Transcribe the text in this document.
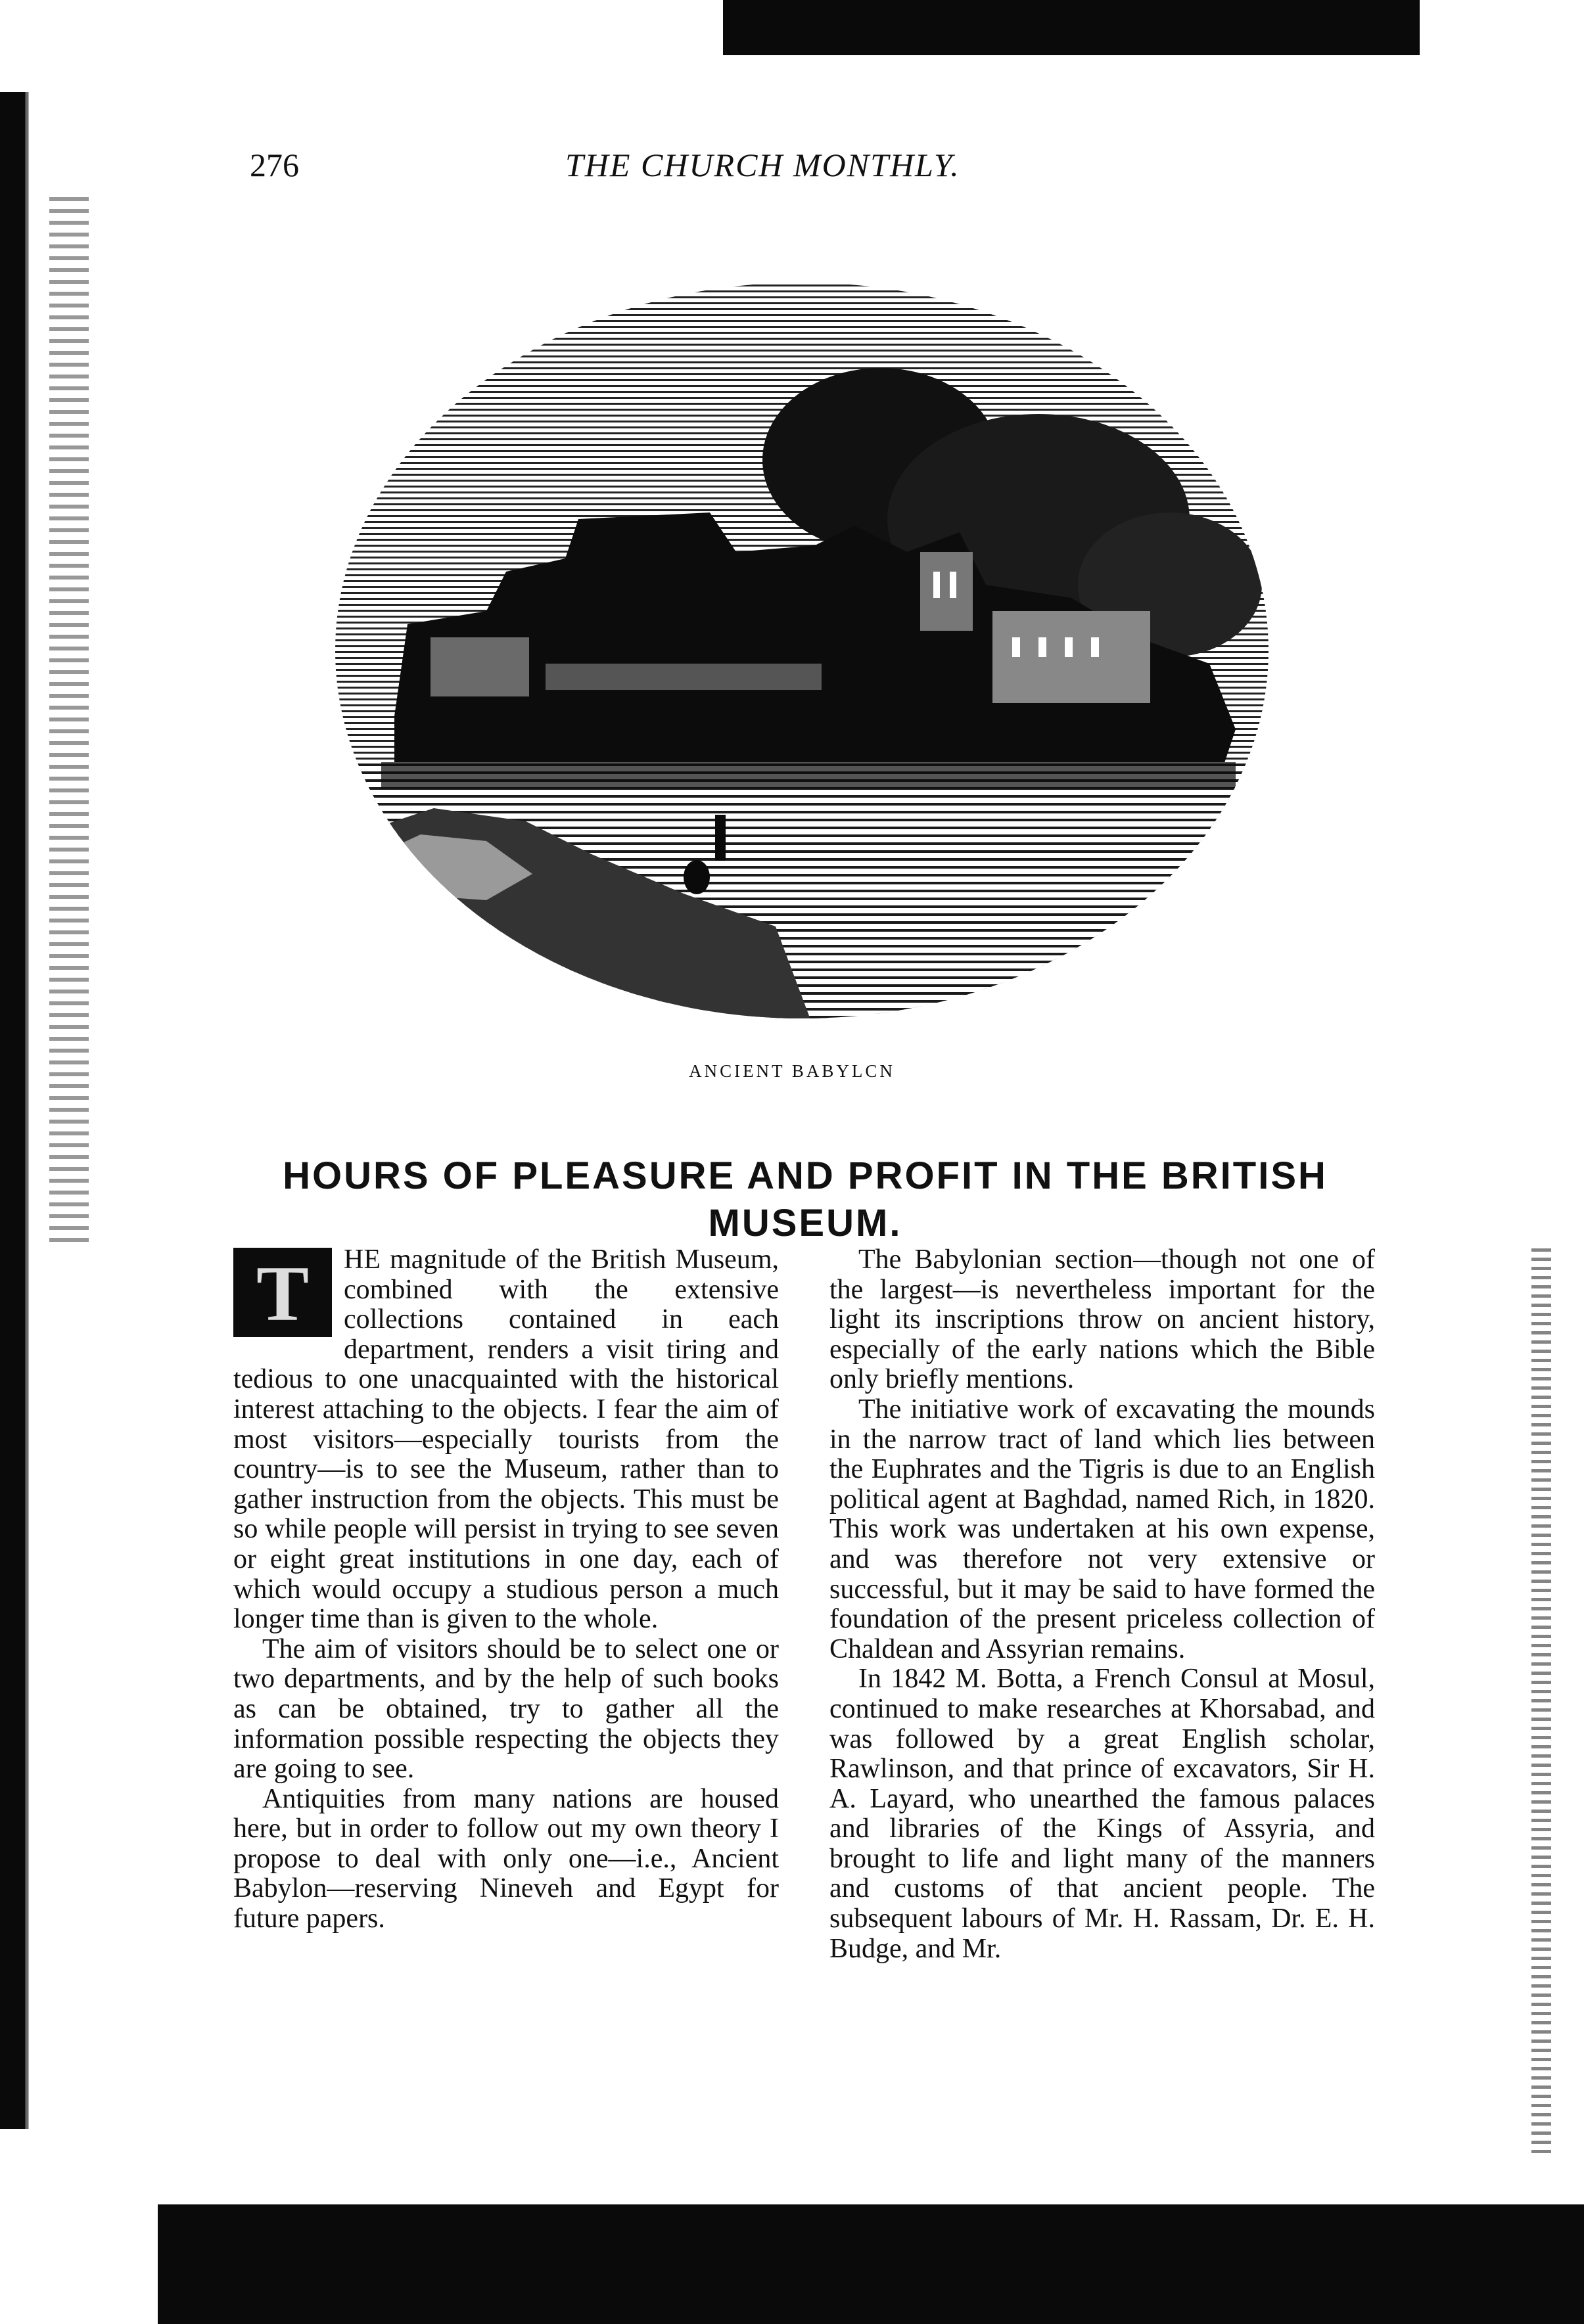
276	THE CHURCH MONTHLY.
ANCIENT BABYLCN
HOURS OF PLEASURE AND PROFIT IN THE BRITISH MUSEUM.
T	HE magnitude of the British Museum, combined with the extensive collections contained in each department, renders a visit tiring and tedious to one unacquainted with the historical interest attaching to the objects. I fear the aim of most visitors—especially tourists from the country—is to see the Museum, rather than to gather instruction from the objects. This must be so while people will persist in trying to see seven or eight great institutions in one day, each of which would occupy a studious person a much longer time than is given to the whole.

The aim of visitors should be to select one or two departments, and by the help of such books as can be obtained, try to gather all the information possible respecting the objects they are going to see.

Antiquities from many nations are housed here, but in order to follow out my own theory I propose to deal with only one—i.e., Ancient Babylon—reserving Nineveh and Egypt for future papers.

The Babylonian section—though not one of the largest—is nevertheless important for the light its inscriptions throw on ancient history, especially of the early nations which the Bible only briefly mentions.

The initiative work of excavating the mounds in the narrow tract of land which lies between the Euphrates and the Tigris is due to an English political agent at Baghdad, named Rich, in 1820. This work was undertaken at his own expense, and was therefore not very extensive or successful, but it may be said to have formed the foundation of the present priceless collection of Chaldean and Assyrian remains.

In 1842 M. Botta, a French Consul at Mosul, continued to make researches at Khorsabad, and was followed by a great English scholar, Rawlinson, and that prince of excavators, Sir H. A. Layard, who unearthed the famous palaces and libraries of the Kings of Assyria, and brought to life and light many of the manners and customs of that ancient people. The subsequent labours of Mr. H. Rassam, Dr. E. H. Budge, and Mr.
